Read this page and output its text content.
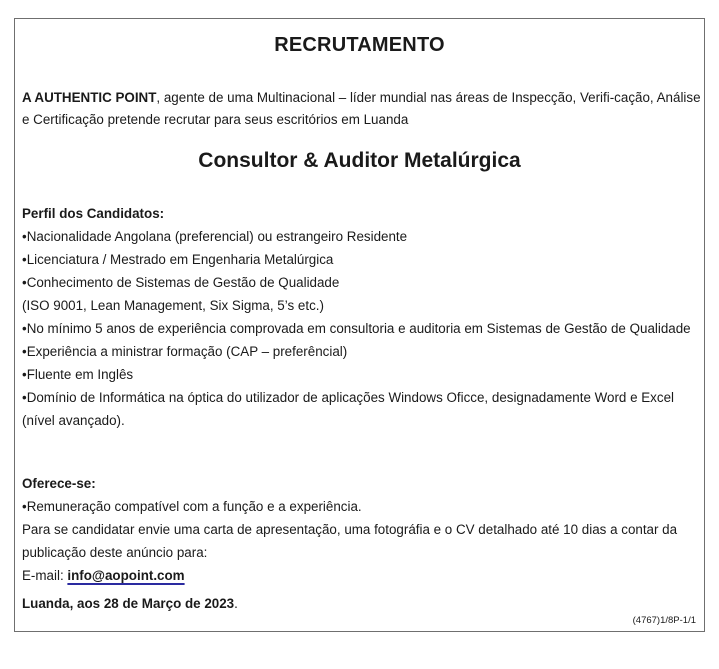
RECRUTAMENTO
A AUTHENTIC POINT, agente de uma Multinacional – líder mundial nas áreas de Inspecção, Verifi-cação, Análise e Certificação pretende recrutar para seus escritórios em Luanda
Consultor & Auditor Metalúrgica
Perfil dos Candidatos:
•Nacionalidade Angolana (preferencial) ou estrangeiro Residente
•Licenciatura / Mestrado em Engenharia Metalúrgica
•Conhecimento de Sistemas de Gestão de Qualidade
(ISO 9001, Lean Management, Six Sigma, 5’s etc.)
•No mínimo 5 anos de experiência comprovada em consultoria e auditoria em Sistemas de Gestão de Qualidade
•Experiência a ministrar formação (CAP – preferêncial)
•Fluente em Inglês
•Domínio de Informática na óptica do utilizador de aplicações Windows Oficce, designadamente Word e Excel (nível avançado).
Oferece-se:
•Remuneração compatível com a função e a experiência.
Para se candidatar envie uma carta de apresentação, uma fotográfia e o CV detalhado até 10 dias a contar da publicação deste anúncio para:
E-mail: info@aopoint.com
Luanda, aos 28 de Março de 2023.
(4767)1/8P-1/1
